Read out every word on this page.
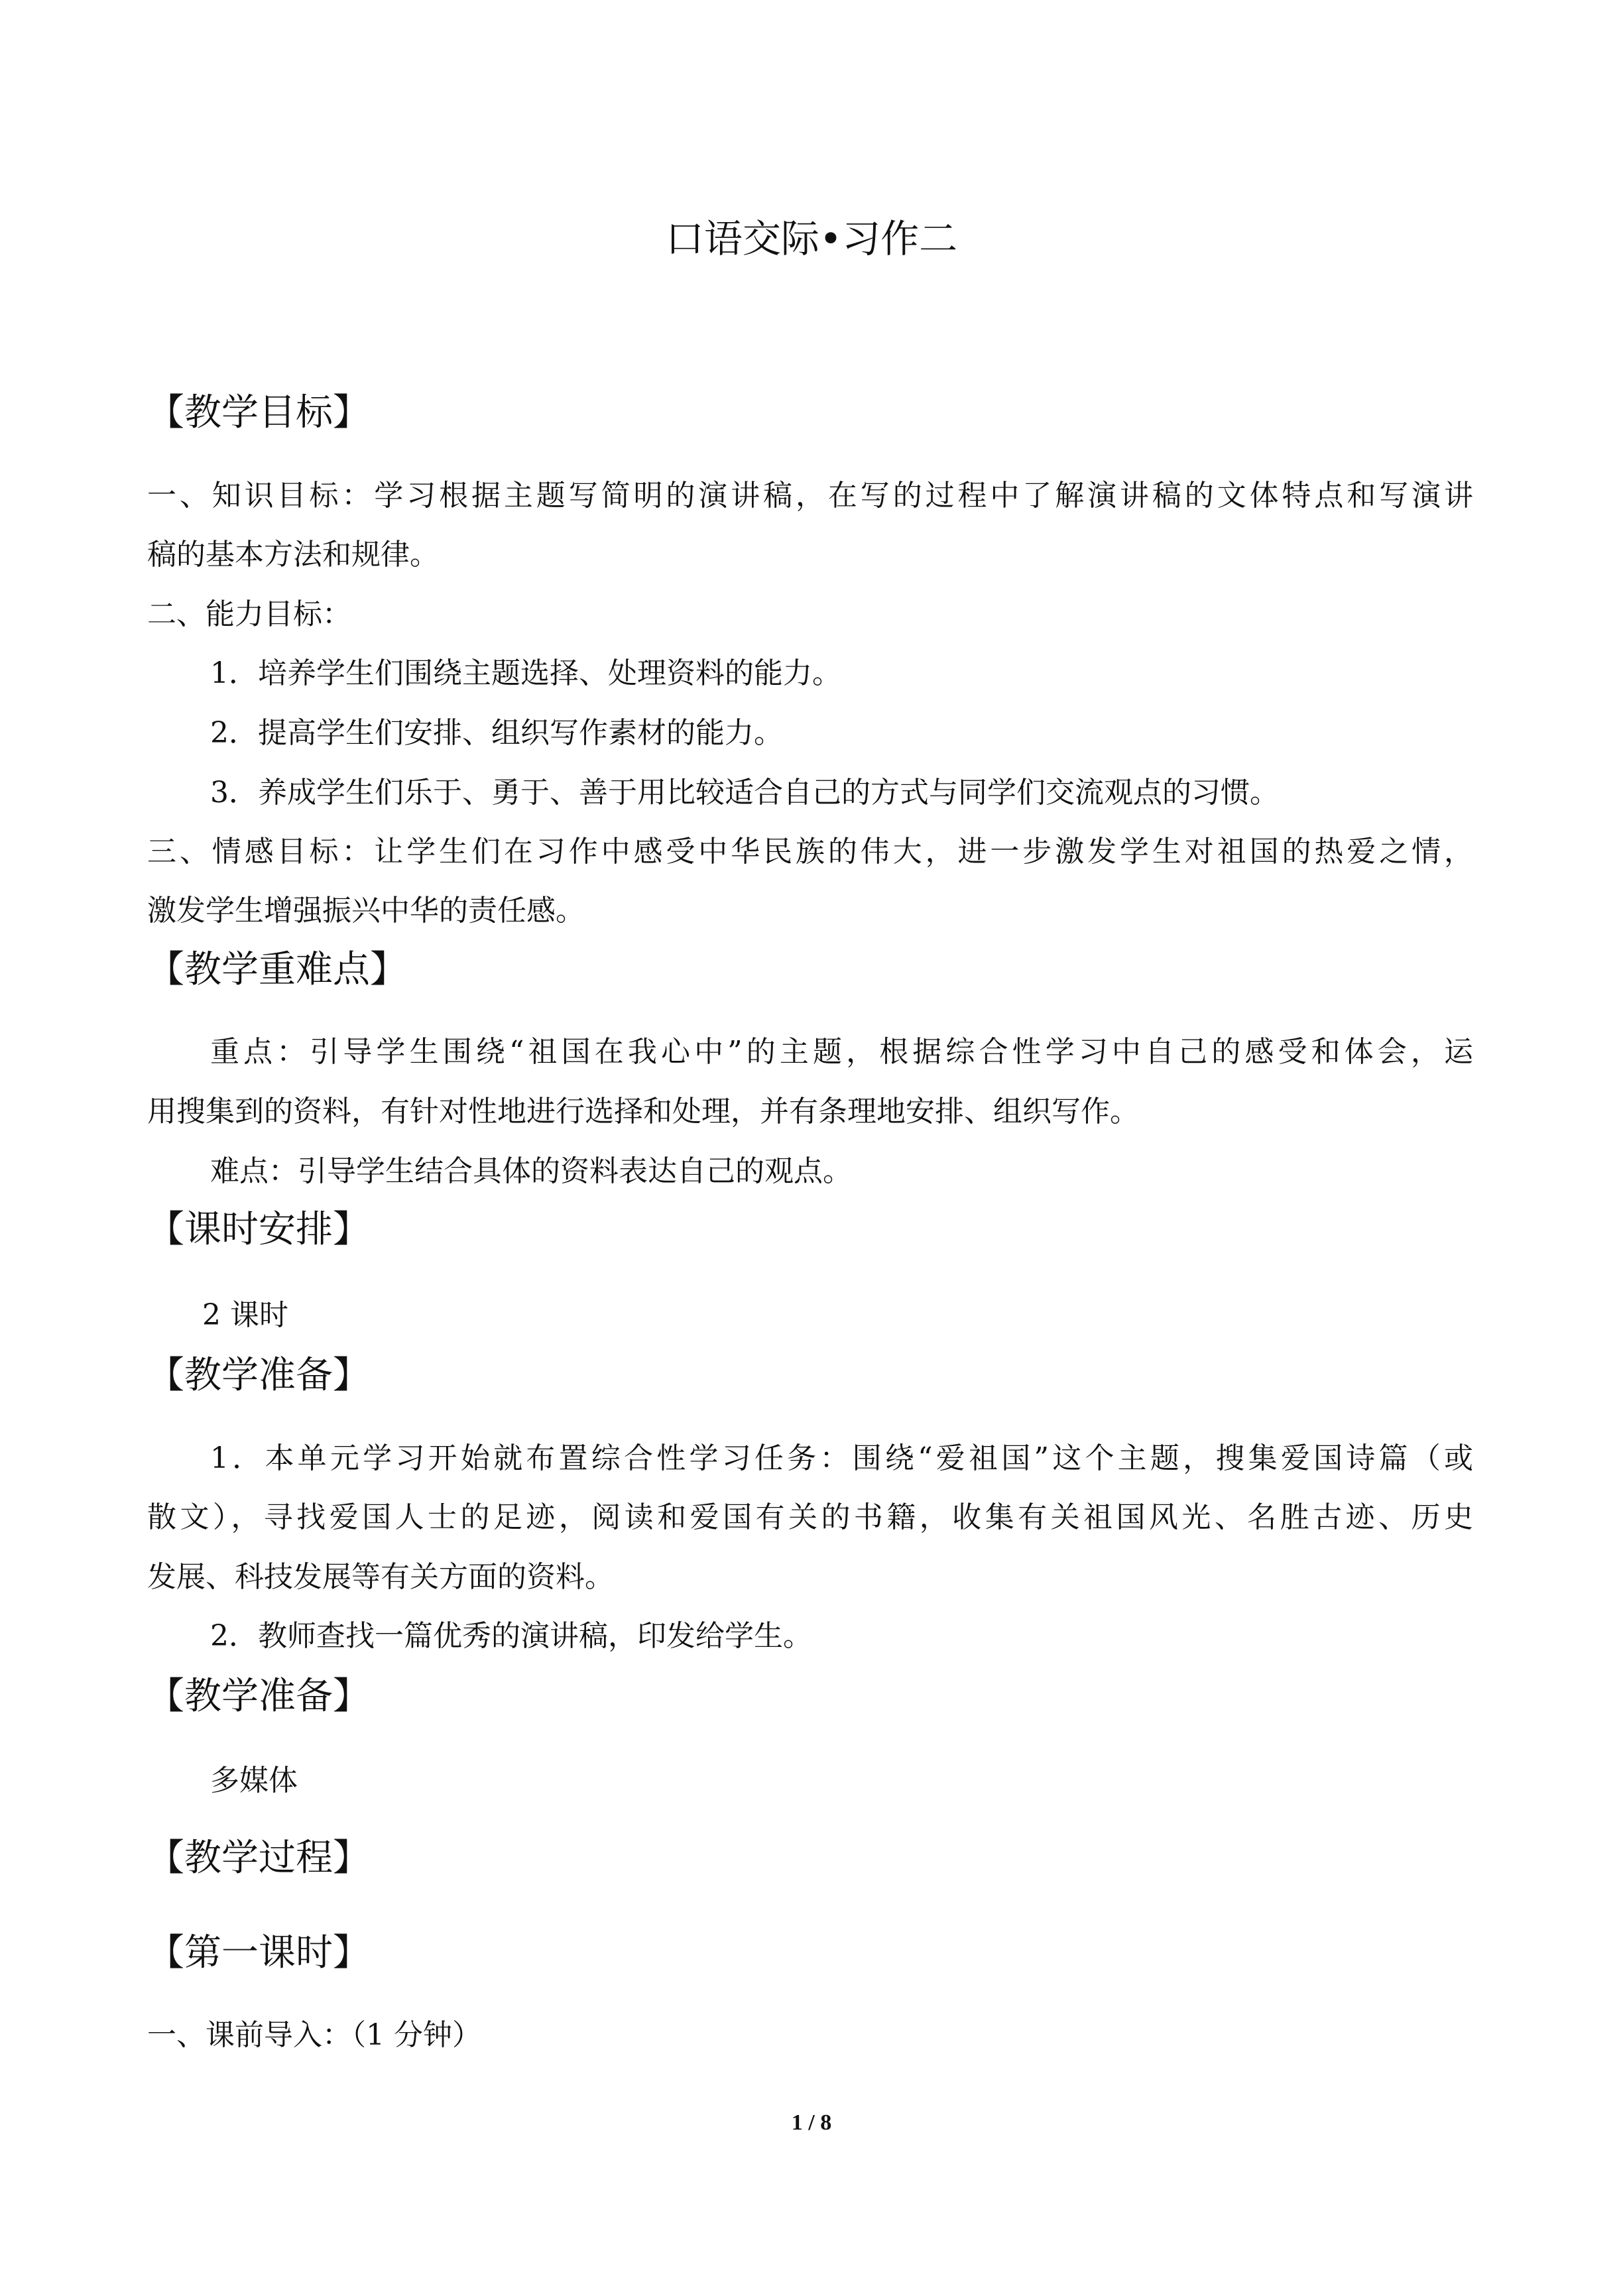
口语交际•习作二
【教学目标】
一、知识目标：学习根据主题写简明的演讲稿，在写的过程中了解演讲稿的文体特点和写演讲
稿的基本方法和规律。
二、能力目标：
1．培养学生们围绕主题选择、处理资料的能力。
2．提高学生们安排、组织写作素材的能力。
3．养成学生们乐于、勇于、善于用比较适合自己的方式与同学们交流观点的习惯。
三、情感目标：让学生们在习作中感受中华民族的伟大，进一步激发学生对祖国的热爱之情，
激发学生增强振兴中华的责任感。
【教学重难点】
重点：引导学生围绕“祖国在我心中”的主题，根据综合性学习中自己的感受和体会，运
用搜集到的资料，有针对性地进行选择和处理，并有条理地安排、组织写作。
难点：引导学生结合具体的资料表达自己的观点。
【课时安排】
2 课时
【教学准备】
1．本单元学习开始就布置综合性学习任务：围绕“爱祖国”这个主题，搜集爱国诗篇（或
散文），寻找爱国人士的足迹，阅读和爱国有关的书籍，收集有关祖国风光、名胜古迹、历史
发展、科技发展等有关方面的资料。
2．教师查找一篇优秀的演讲稿，印发给学生。
【教学准备】
多媒体
【教学过程】
【第一课时】
一、课前导入：（1 分钟）
1 / 8
